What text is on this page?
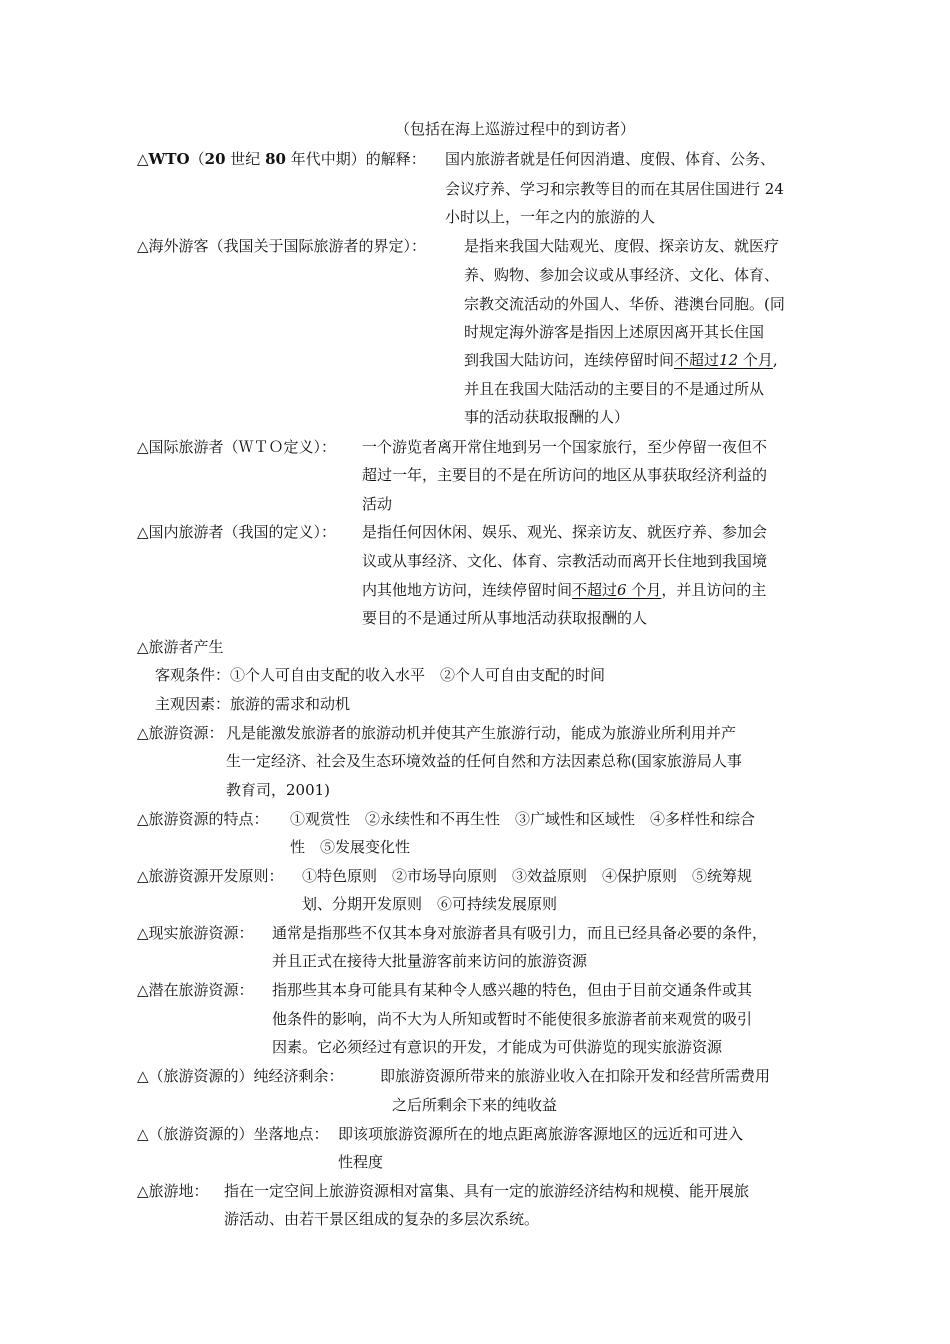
（包括在海上巡游过程中的到访者）
△WTO（20 世纪 80 年代中期）的解释： 国内旅游者就是任何因消遣、度假、体育、公务、
会议疗养、学习和宗教等目的而在其居住国进行 24
小时以上，一年之内的旅游的人
△海外游客（我国关于国际旅游者的界定）：	是指来我国大陆观光、度假、探亲访友、就医疗
养、购物、参加会议或从事经济、文化、体育、
宗教交流活动的外国人、华侨、港澳台同胞。(同
时规定海外游客是指因上述原因离开其长住国
到我国大陆访问，连续停留时间不超过12 个月,
并且在我国大陆活动的主要目的不是通过所从
事的活动获取报酬的人）
△国际旅游者（ＷＴＯ定义）： 一个游览者离开常住地到另一个国家旅行，至少停留一夜但不
超过一年，主要目的不是在所访问的地区从事获取经济利益的
活动
△国内旅游者（我国的定义）： 是指任何因休闲、娱乐、观光、探亲访友、就医疗养、参加会
议或从事经济、文化、体育、宗教活动而离开长住地到我国境
内其他地方访问，连续停留时间不超过6 个月，并且访问的主
要目的不是通过所从事地活动获取报酬的人
△旅游者产生
客观条件：①个人可自由支配的收入水平　②个人可自由支配的时间
主观因素：旅游的需求和动机
△旅游资源： 凡是能激发旅游者的旅游动机并使其产生旅游行动，能成为旅游业所利用并产
生一定经济、社会及生态环境效益的任何自然和方法因素总称(国家旅游局人事
教育司，2001)
△旅游资源的特点： ①观赏性　②永续性和不再生性　③广域性和区域性　④多样性和综合
性　⑤发展变化性
△旅游资源开发原则： ①特色原则　②市场导向原则　③效益原则　④保护原则　⑤统筹规
划、分期开发原则　⑥可持续发展原则
△现实旅游资源： 通常是指那些不仅其本身对旅游者具有吸引力，而且已经具备必要的条件，
并且正式在接待大批量游客前来访问的旅游资源
△潜在旅游资源： 指那些其本身可能具有某种令人感兴趣的特色，但由于目前交通条件或其
他条件的影响，尚不大为人所知或暂时不能使很多旅游者前来观赏的吸引
因素。它必须经过有意识的开发，才能成为可供游览的现实旅游资源
△（旅游资源的）纯经济剩余： 即旅游资源所带来的旅游业收入在扣除开发和经营所需费用
之后所剩余下来的纯收益
△（旅游资源的）坐落地点： 即该项旅游资源所在的地点距离旅游客源地区的远近和可进入
性程度
△旅游地： 指在一定空间上旅游资源相对富集、具有一定的旅游经济结构和规模、能开展旅
游活动、由若干景区组成的复杂的多层次系统。
